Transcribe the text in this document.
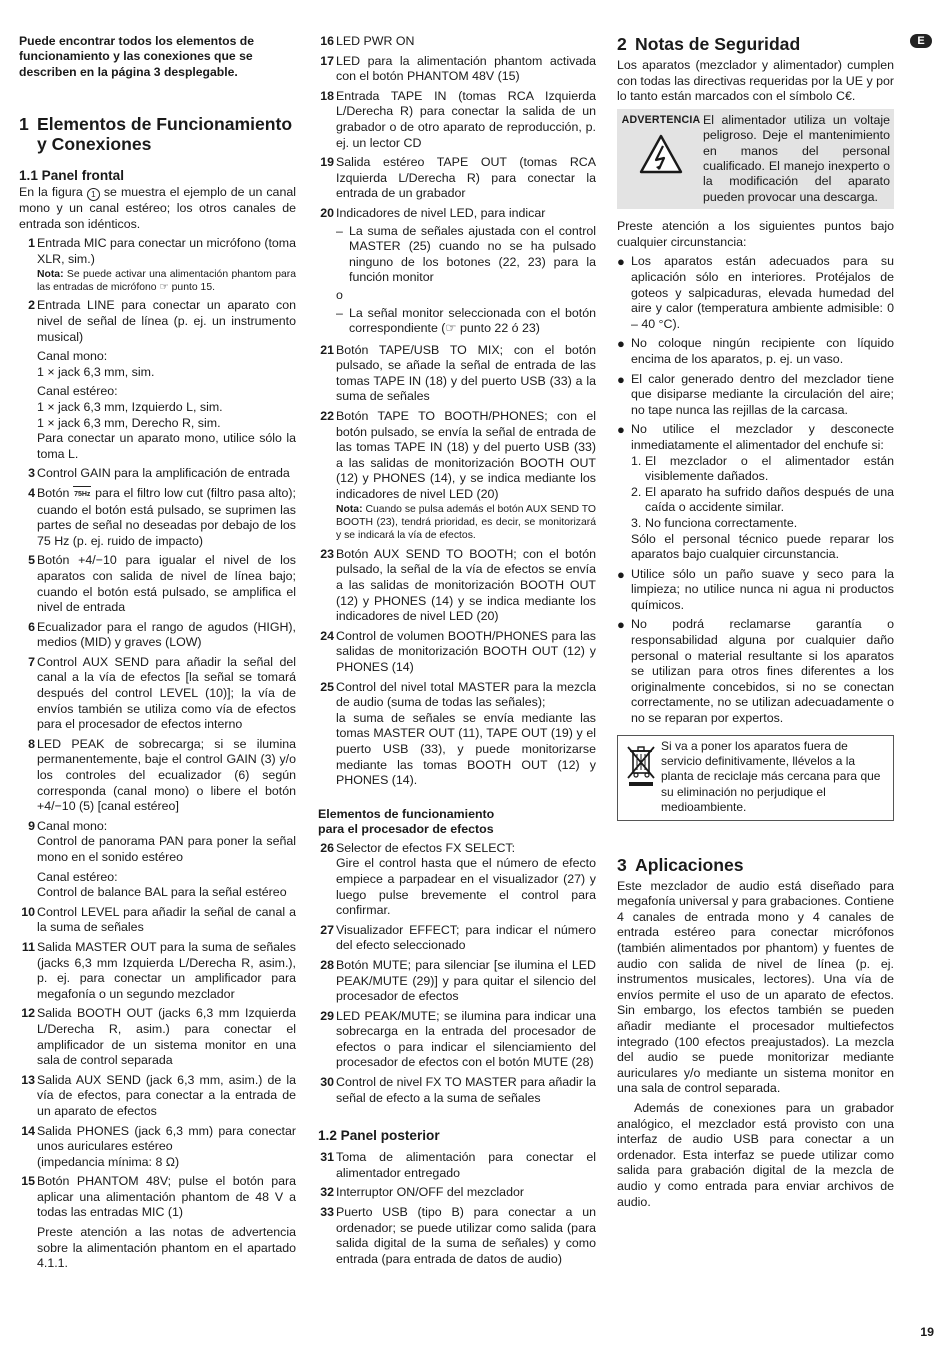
E

Puede encontrar todos los elementos de funcionamiento y las conexiones que se describen en la página 3 desplegable.

1 Elementos de Funcionamiento y Conexiones
1.1 Panel frontal

En la figura 1 se muestra el ejemplo de un canal mono y un canal estéreo; los otros canales de entrada son idénticos.

1 Entrada MIC para conectar un micrófono (toma XLR, sim.)

Nota: Se puede activar una alimentación phantom para las entradas de micrófono ☞ punto 15.

2 Entrada LINE para conectar un aparato con nivel de señal de línea (p. ej. un instrumento musical)

Canal mono:
1 × jack 6,3 mm, sim.

Canal estéreo:
1 × jack 6,3 mm, Izquierdo L, sim.
1 × jack 6,3 mm, Derecho R, sim.
Para conectar un aparato mono, utilice sólo la toma L.

3 Control GAIN para la amplificación de entrada

4 Botón 75Hz para el filtro low cut (filtro pasa alto); cuando el botón está pulsado, se suprimen las partes de señal no deseadas por debajo de los 75 Hz (p. ej. ruido de impacto)

5 Botón +4/−10 para igualar el nivel de los aparatos con salida de nivel de línea bajo; cuando el botón está pulsado, se amplifica el nivel de entrada

6 Ecualizador para el rango de agudos (HIGH), medios (MID) y graves (LOW)

7 Control AUX SEND para añadir la señal del canal a la vía de efectos [la señal se tomará después del control LEVEL (10)]; la vía de envíos también se utiliza como vía de efectos para el procesador de efectos interno

8 LED PEAK de sobrecarga; si se ilumina permanentemente, baje el control GAIN (3) y/o los controles del ecualizador (6) según corresponda (canal mono) o libere el botón +4/−10 (5) [canal estéreo]

9 Canal mono:
Control de panorama PAN para poner la señal mono en el sonido estéreo

Canal estéreo:
Control de balance BAL para la señal estéreo

10 Control LEVEL para añadir la señal de canal a la suma de señales

11 Salida MASTER OUT para la suma de señales (jacks 6,3 mm Izquierda L/Derecha R, asim.), p. ej. para conectar un amplificador para megafonía o un segundo mezclador

12 Salida BOOTH OUT (jacks 6,3 mm Izquierda L/Derecha R, asim.) para conectar el amplificador de un sistema monitor en una sala de control separada

13 Salida AUX SEND (jack 6,3 mm, asim.) de la vía de efectos, para conectar a la entrada de un aparato de efectos

14 Salida PHONES (jack 6,3 mm) para conectar unos auriculares estéreo
(impedancia mínima: 8 Ω)

15 Botón PHANTOM 48V; pulse el botón para aplicar una alimentación phantom de 48 V a todas las entradas MIC (1)

Preste atención a las notas de advertencia sobre la alimentación phantom en el apartado 4.1.1.

16 LED PWR ON

17 LED para la alimentación phantom activada con el botón PHANTOM 48V (15)

18 Entrada TAPE IN (tomas RCA Izquierda L/Derecha R) para conectar la salida de un grabador o de otro aparato de reproducción, p. ej. un lector CD

19 Salida estéreo TAPE OUT (tomas RCA Izquierda L/Derecha R) para conectar la entrada de un grabador

20 Indicadores de nivel LED, para indicar

– La suma de señales ajustada con el control MASTER (25) cuando no se ha pulsado ninguno de los botones (22, 23) para la función monitor
o
– La señal monitor seleccionada con el botón correspondiente (☞ punto 22 ó 23)
21 Botón TAPE/USB TO MIX; con el botón pulsado, se añade la señal de entrada de las tomas TAPE IN (18) y del puerto USB (33) a la suma de señales

22 Botón TAPE TO BOOTH/PHONES; con el botón pulsado, se envía la señal de entrada de las tomas TAPE IN (18) y del puerto USB (33) a las salidas de monitorización BOOTH OUT (12) y PHONES (14), y se indica mediante los indicadores de nivel LED (20)

Nota: Cuando se pulsa además el botón AUX SEND TO BOOTH (23), tendrá prioridad, es decir, se monitorizará y se indicará la vía de efectos.

23 Botón AUX SEND TO BOOTH; con el botón pulsado, la señal de la vía de efectos se envía a las salidas de monitorización BOOTH OUT (12) y PHONES (14) y se indica mediante los indicadores de nivel LED (20)

24 Control de volumen BOOTH/PHONES para las salidas de monitorización BOOTH OUT (12) y PHONES (14)

25 Control del nivel total MASTER para la mezcla de audio (suma de todas las señales);
la suma de señales se envía mediante las tomas MASTER OUT (11), TAPE OUT (19) y el puerto USB (33), y puede monitorizarse mediante las tomas BOOTH OUT (12) y PHONES (14).

Elementos de funcionamiento
para el procesador de efectos
26 Selector de efectos FX SELECT:
Gire el control hasta que el número de efecto empiece a parpadear en el visualizador (27) y luego pulse brevemente el control para confirmar.

27 Visualizador EFFECT; para indicar el número del efecto seleccionado

28 Botón MUTE; para silenciar [se ilumina el LED PEAK/MUTE (29)] y para quitar el silencio del procesador de efectos

29 LED PEAK/MUTE; se ilumina para indicar una sobrecarga en la entrada del procesador de efectos o para indicar el silenciamiento del procesador de efectos con el botón MUTE (28)

30 Control de nivel FX TO MASTER para añadir la señal de efecto a la suma de señales

1.2 Panel posterior
31 Toma de alimentación para conectar el alimentador entregado

32 Interruptor ON/OFF del mezclador

33 Puerto USB (tipo B) para conectar a un ordenador; se puede utilizar como salida (para salida digital de la suma de señales) y como entrada (para entrada de datos de audio)

2 Notas de Seguridad

Los aparatos (mezclador y alimentador) cumplen con todas las directivas requeridas por la UE y por lo tanto están marcados con el símbolo C€.

ADVERTENCIA El alimentador utiliza un voltaje peligroso. Deje el mantenimiento en manos del personal cualificado. El manejo inexperto o la modificación del aparato pueden provocar una descarga.

Preste atención a los siguientes puntos bajo cualquier circunstancia:

● Los aparatos están adecuados para su aplicación sólo en interiores. Protéjalos de goteos y salpicaduras, elevada humedad del aire y calor (temperatura ambiente admisible: 0 – 40 °C).

● No coloque ningún recipiente con líquido encima de los aparatos, p. ej. un vaso.

● El calor generado dentro del mezclador tiene que disiparse mediante la circulación del aire; no tape nunca las rejillas de la carcasa.

● No utilice el mezclador y desconecte inmediatamente el alimentador del enchufe si:

1. El mezclador o el alimentador están visiblemente dañados.
2. El aparato ha sufrido daños después de una caída o accidente similar.
3. No funciona correctamente.

Sólo el personal técnico puede reparar los aparatos bajo cualquier circunstancia.

● Utilice sólo un paño suave y seco para la limpieza; no utilice nunca ni agua ni productos químicos.

● No podrá reclamarse garantía o responsabilidad alguna por cualquier daño personal o material resultante si los aparatos se utilizan para otros fines diferentes a los originalmente concebidos, si no se conectan correctamente, no se utilizan adecuadamente o no se reparan por expertos.

Si va a poner los aparatos fuera de servicio definitivamente, llévelos a la planta de reciclaje más cercana para que su eliminación no perjudique el medioambiente.
3 Aplicaciones

Este mezclador de audio está diseñado para megafonía universal y para grabaciones. Contiene 4 canales de entrada mono y 4 canales de entrada estéreo para conectar micrófonos (también alimentados por phantom) y fuentes de audio con salida de nivel de línea (p. ej. instrumentos musicales, lectores). Una vía de envíos permite el uso de un aparato de efectos. Sin embargo, los efectos también se pueden añadir mediante el procesador multiefectos integrado (100 efectos preajustados). La mezcla del audio se puede monitorizar mediante auriculares y/o mediante un sistema monitor en una sala de control separada.

Además de conexiones para un grabador analógico, el mezclador está provisto con una interfaz de audio USB para conectar a un ordenador. Esta interfaz se puede utilizar como salida para grabación digital de la mezcla de audio y como entrada para enviar archivos de audio.

19
